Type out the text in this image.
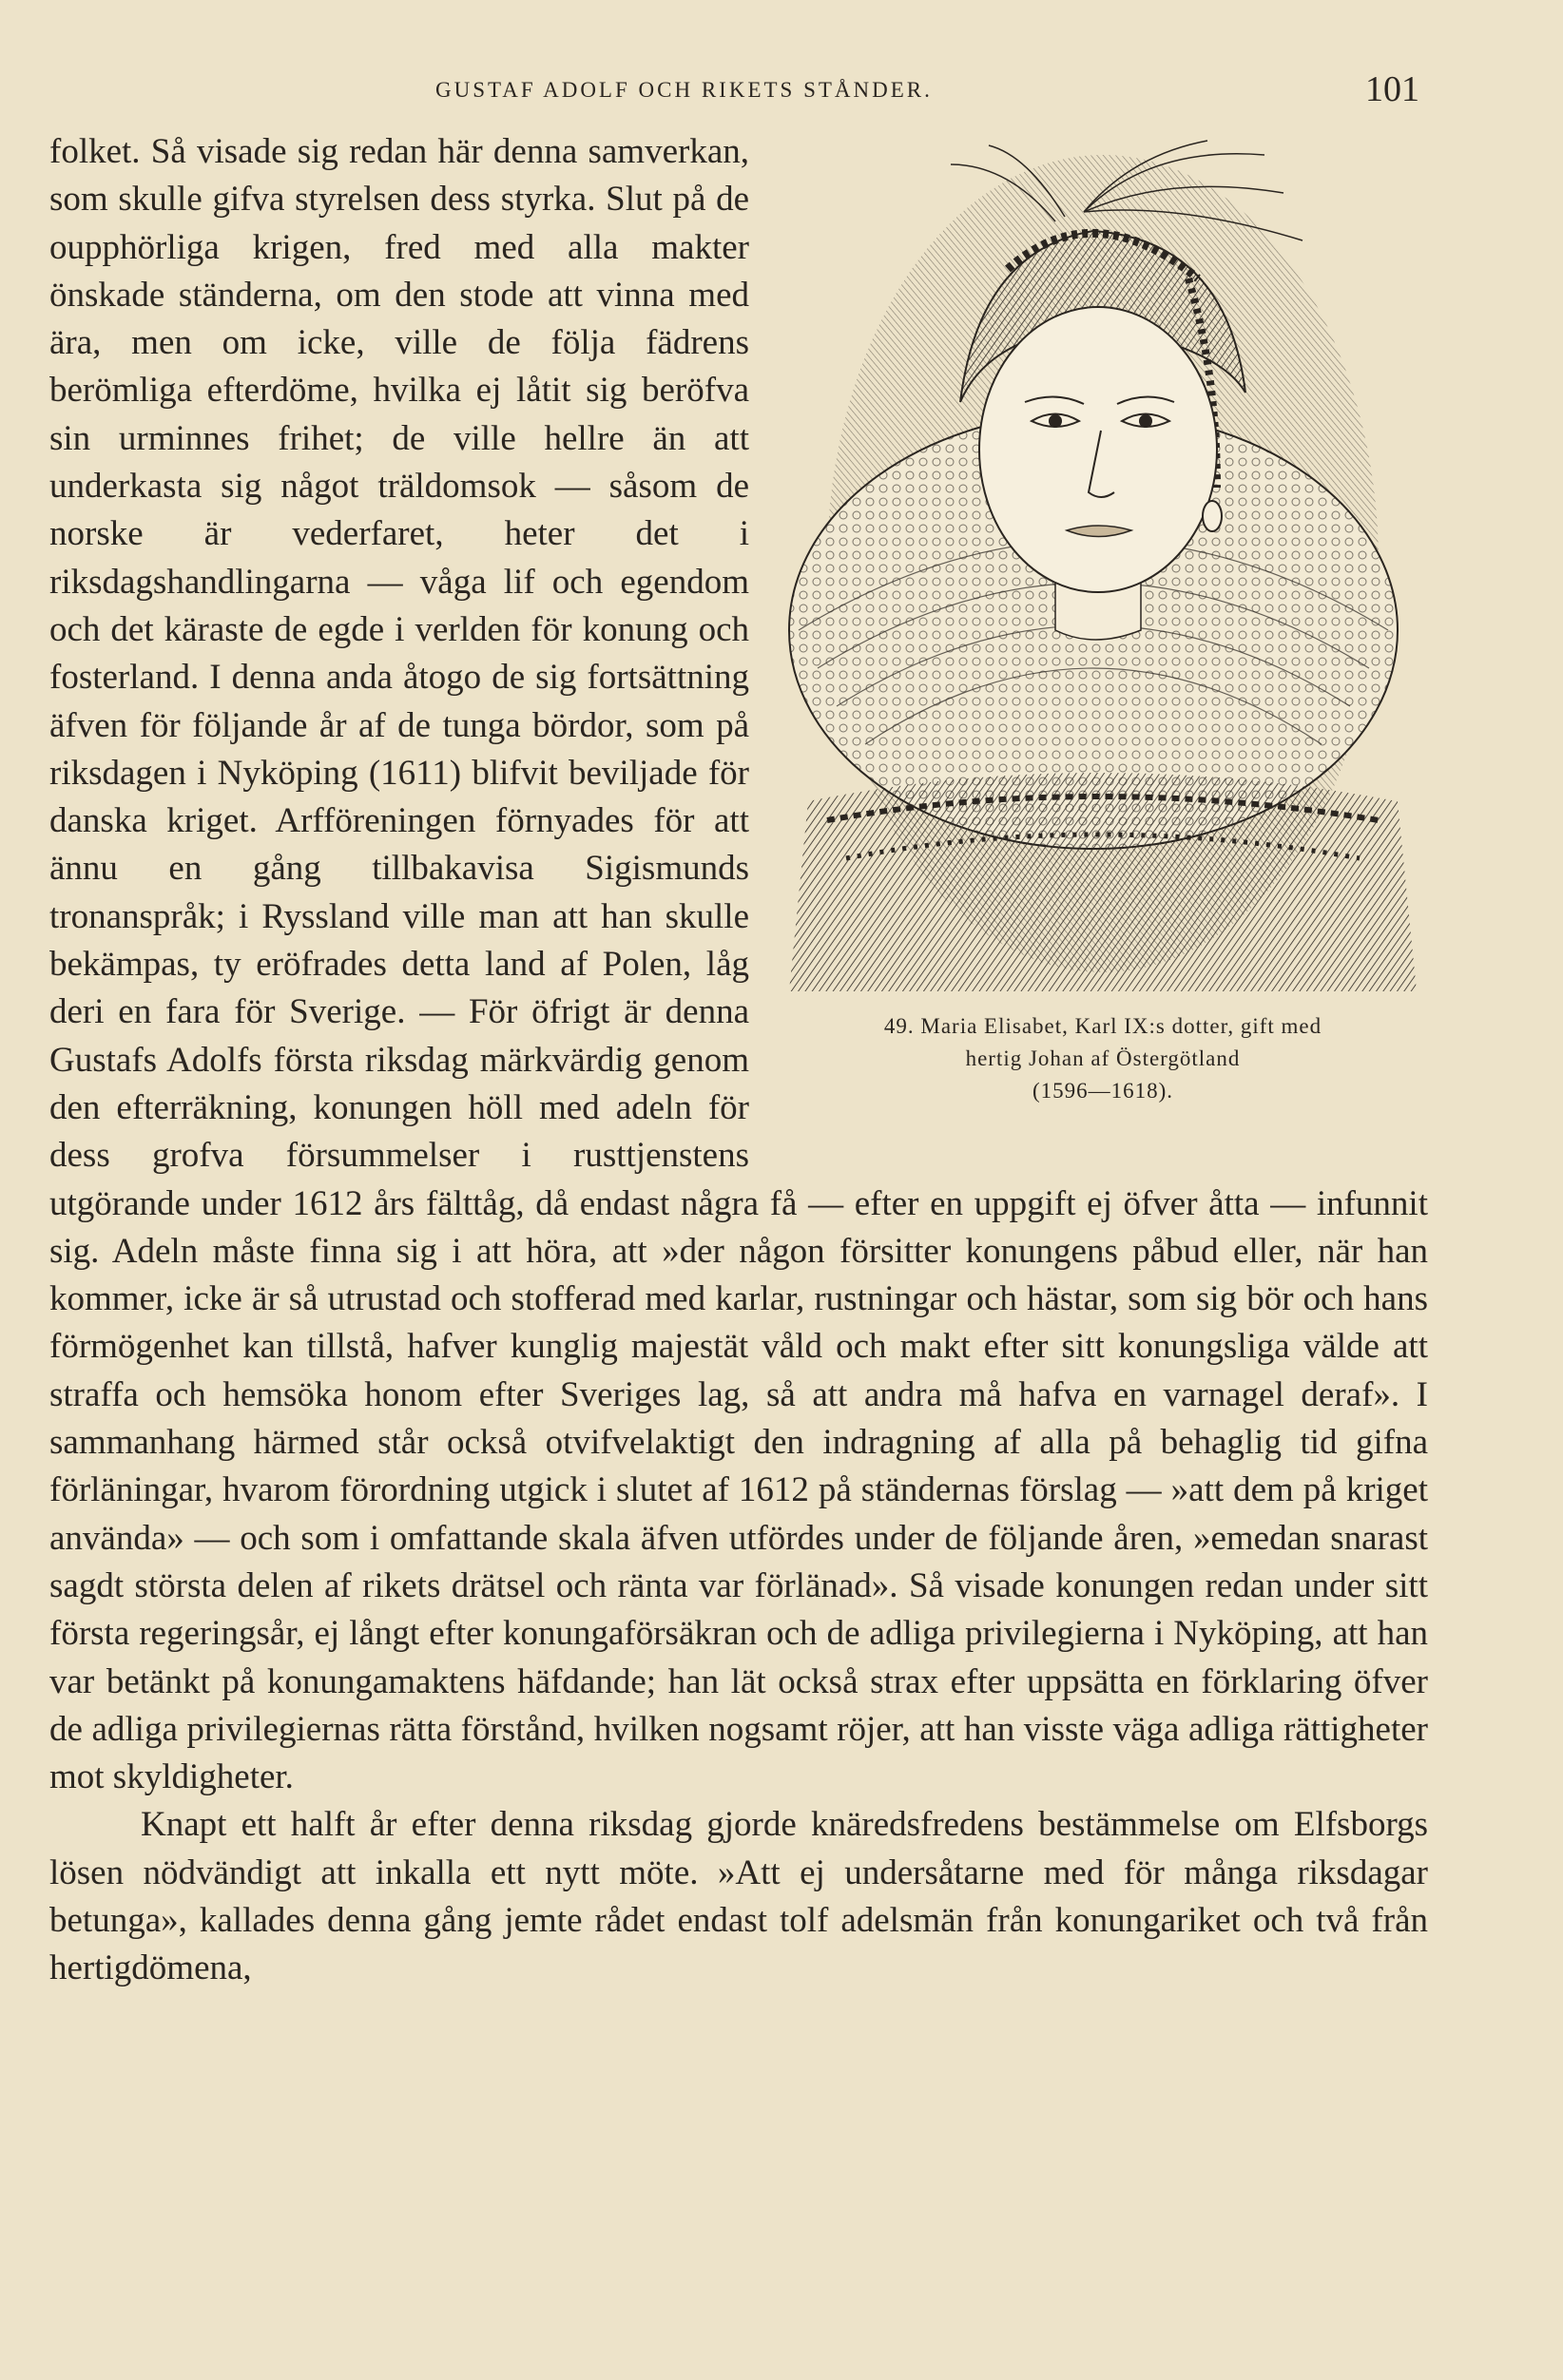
GUSTAF ADOLF OCH RIKETS STÅNDER.	101
49. Maria Elisabet, Karl IX:s dotter, gift med
hertig Johan af Östergötland
(1596—1618).

folket. Så visade sig redan här denna samverkan, som skulle gifva styrelsen dess styrka. Slut på de oupphörliga krigen, fred med alla makter önskade ständerna, om den stode att vinna med ära, men om icke, ville de följa fädrens berömliga efterdöme, hvilka ej låtit sig beröfva sin urminnes frihet; de ville hellre än att underkasta sig något träldomsok — såsom de norske är vederfaret, heter det i riksdagshandlingarna — våga lif och egendom och det käraste de egde i verlden för konung och fosterland. I denna anda åtogo de sig fortsättning äfven för följande år af de tunga bördor, som på riksdagen i Nyköping (1611) blifvit beviljade för danska kriget. Arfföreningen förnyades för att ännu en gång tillbakavisa Sigismunds tronanspråk; i Ryssland ville man att han skulle bekämpas, ty eröfrades detta land af Polen, låg deri en fara för Sverige. — För öfrigt är denna Gustafs Adolfs första riksdag märkvärdig genom den efterräkning, konungen höll med adeln för dess grofva försummelser i rusttjenstens utgörande under 1612 års fälttåg, då endast några få — efter en uppgift ej öfver åtta — infunnit sig. Adeln måste finna sig i att höra, att »der någon försitter konungens påbud eller, när han kommer, icke är så utrustad och stofferad med karlar, rustningar och hästar, som sig bör och hans förmögenhet kan tillstå, hafver kunglig majestät våld och makt efter sitt konungsliga välde att straffa och hemsöka honom efter Sveriges lag, så att andra må hafva en varnagel deraf». I sammanhang härmed står också otvifvelaktigt den indragning af alla på behaglig tid gifna förläningar, hvarom förordning utgick i slutet af 1612 på ständernas förslag — »att dem på kriget använda» — och som i omfattande skala äfven utfördes under de följande åren, »emedan snarast sagdt största delen af rikets drätsel och ränta var förlänad». Så visade konungen redan under sitt första regeringsår, ej långt efter konungaförsäkran och de adliga privilegierna i Nyköping, att han var betänkt på konungamaktens häfdande; han lät också strax efter uppsätta en förklaring öfver de adliga privilegiernas rätta förstånd, hvilken nogsamt röjer, att han visste väga adliga rättigheter mot skyldigheter.

Knapt ett halft år efter denna riksdag gjorde knäredsfredens bestämmelse om Elfsborgs lösen nödvändigt att inkalla ett nytt möte. »Att ej undersåtarne med för många riksdagar betunga», kallades denna gång jemte rådet endast tolf adelsmän från konungariket och två från hertigdömena,
